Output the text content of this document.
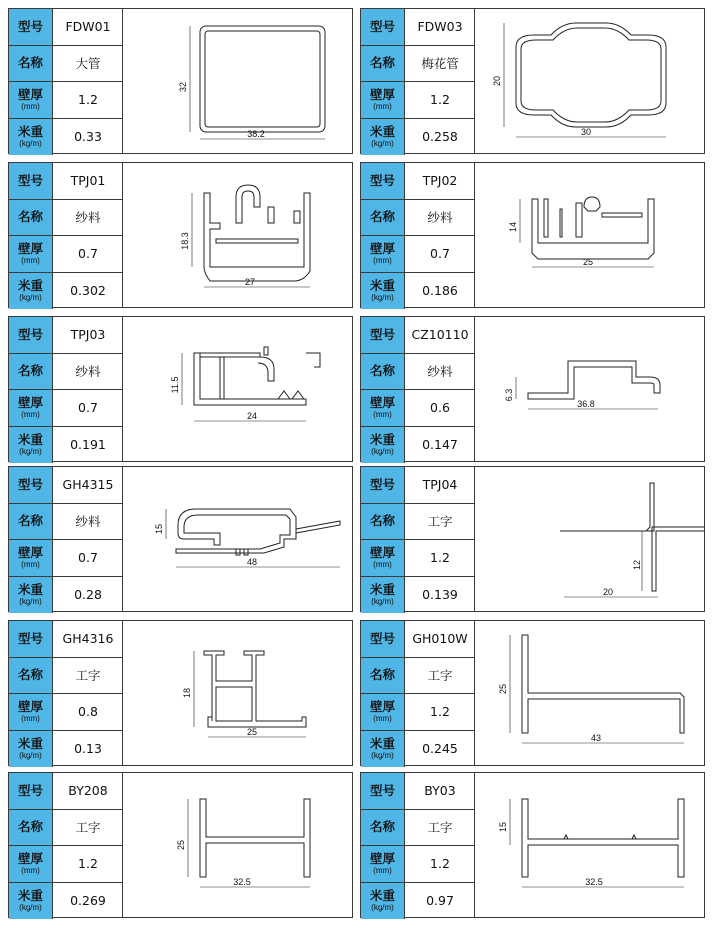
型号	FDW01
名称	大管
壁厚
(mm)	1.2
米重
(kg/m)	0.33	38.2
32
型号	FDW03
名称	梅花管
壁厚
(mm)	1.2
米重
(kg/m)	0.258	30
20
型号	TPJ01
名称	纱料
壁厚
(mm)	0.7
米重
(kg/m)	0.302
27
18.3
型号	TPJ02
名称	纱料
壁厚
(mm)	0.7
米重
(kg/m)	0.186
25
14
型号	TPJ03
名称	纱料
壁厚
(mm)	0.7
米重
(kg/m)	0.191
24
11.5
型号	CZ10110
名称	纱料
壁厚
(mm)	0.6
米重
(kg/m)	0.147
36.8
6.3
型号	GH4315
名称	纱料
壁厚
(mm)	0.7
米重
(kg/m)	0.28
48
15
型号	TPJ04
名称	工字
壁厚
(mm)	1.2
米重
(kg/m)	0.139	20
12
型号	GH4316
名称	工字
壁厚
(mm)	0.8
米重
(kg/m)	0.13
25
18
型号	GH010W
名称	工字
壁厚
(mm)	1.2
米重
(kg/m)	0.245
43
25
型号	BY208
名称	工字
壁厚
(mm)	1.2
米重
(kg/m)	0.269
32.5
25
型号	BY03
名称	工字
壁厚
(mm)	1.2
米重
(kg/m)	0.97
32.5
15
